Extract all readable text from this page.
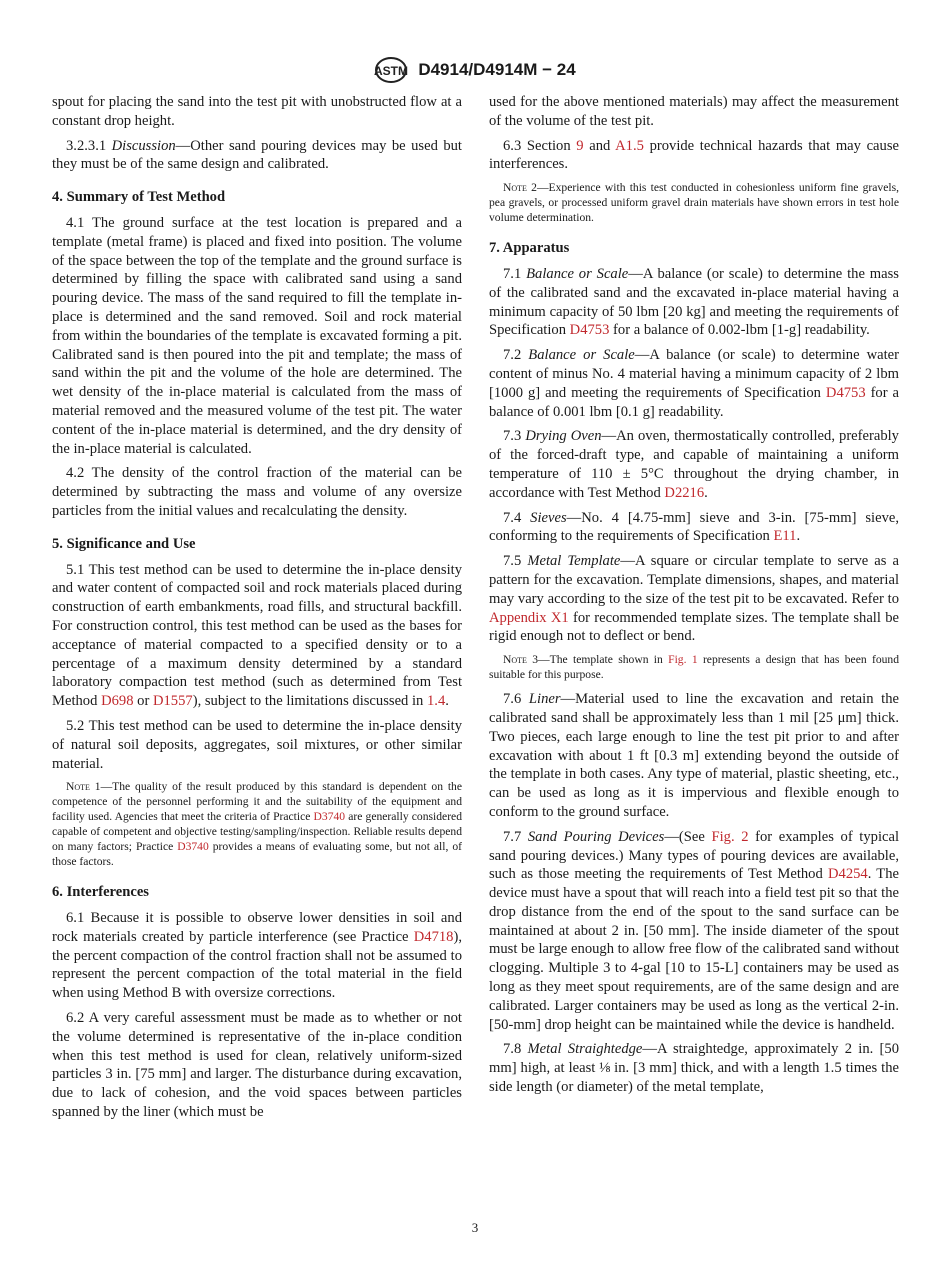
ASTM D4914/D4914M − 24

spout for placing the sand into the test pit with unobstructed flow at a constant drop height.

3.2.3.1 Discussion—Other sand pouring devices may be used but they must be of the same design and calibrated.

4. Summary of Test Method

4.1 The ground surface at the test location is prepared and a template (metal frame) is placed and fixed into position. The volume of the space between the top of the template and the ground surface is determined by filling the space with calibrated sand using a sand pouring device. The mass of the sand required to fill the template in-place is determined and the sand removed. Soil and rock material from within the boundaries of the template is excavated forming a pit. Calibrated sand is then poured into the pit and template; the mass of sand within the pit and the volume of the hole are determined. The wet density of the in-place material is calculated from the mass of material removed and the measured volume of the test pit. The water content of the in-place material is determined, and the dry density of the in-place material is calculated.

4.2 The density of the control fraction of the material can be determined by subtracting the mass and volume of any oversize particles from the initial values and recalculating the density.

5. Significance and Use

5.1 This test method can be used to determine the in-place density and water content of compacted soil and rock materials placed during construction of earth embankments, road fills, and structural backfill. For construction control, this test method can be used as the bases for acceptance of material compacted to a specified density or to a percentage of a maximum density determined by a standard laboratory compaction test method (such as determined from Test Method D698 or D1557), subject to the limitations discussed in 1.4.

5.2 This test method can be used to determine the in-place density of natural soil deposits, aggregates, soil mixtures, or other similar material.

Note 1—The quality of the result produced by this standard is dependent on the competence of the personnel performing it and the suitability of the equipment and facility used. Agencies that meet the criteria of Practice D3740 are generally considered capable of competent and objective testing/sampling/inspection. Reliable results depend on many factors; Practice D3740 provides a means of evaluating some, but not all, of those factors.
6. Interferences

6.1 Because it is possible to observe lower densities in soil and rock materials created by particle interference (see Practice D4718), the percent compaction of the control fraction shall not be assumed to represent the percent compaction of the total material in the field when using Method B with oversize corrections.

6.2 A very careful assessment must be made as to whether or not the volume determined is representative of the in-place condition when this test method is used for clean, relatively uniform-sized particles 3 in. [75 mm] and larger. The disturbance during excavation, due to lack of cohesion, and the void spaces between particles spanned by the liner (which must be

used for the above mentioned materials) may affect the measurement of the volume of the test pit.

6.3 Section 9 and A1.5 provide technical hazards that may cause interferences.

Note 2—Experience with this test conducted in cohesionless uniform fine gravels, pea gravels, or processed uniform gravel drain materials have shown errors in test hole volume determination.
7. Apparatus

7.1 Balance or Scale—A balance (or scale) to determine the mass of the calibrated sand and the excavated in-place material having a minimum capacity of 50 lbm [20 kg] and meeting the requirements of Specification D4753 for a balance of 0.002-lbm [1-g] readability.

7.2 Balance or Scale—A balance (or scale) to determine water content of minus No. 4 material having a minimum capacity of 2 lbm [1000 g] and meeting the requirements of Specification D4753 for a balance of 0.001 lbm [0.1 g] readability.

7.3 Drying Oven—An oven, thermostatically controlled, preferably of the forced-draft type, and capable of maintaining a uniform temperature of 110 ± 5°C throughout the drying chamber, in accordance with Test Method D2216.

7.4 Sieves—No. 4 [4.75-mm] sieve and 3-in. [75-mm] sieve, conforming to the requirements of Specification E11.

7.5 Metal Template—A square or circular template to serve as a pattern for the excavation. Template dimensions, shapes, and material may vary according to the size of the test pit to be excavated. Refer to Appendix X1 for recommended template sizes. The template shall be rigid enough not to deflect or bend.

Note 3—The template shown in Fig. 1 represents a design that has been found suitable for this purpose.

7.6 Liner—Material used to line the excavation and retain the calibrated sand shall be approximately less than 1 mil [25 μm] thick. Two pieces, each large enough to line the test pit prior to and after excavation with about 1 ft [0.3 m] extending beyond the outside of the template in both cases. Any type of material, plastic sheeting, etc., can be used as long as it is impervious and flexible enough to conform to the ground surface.

7.7 Sand Pouring Devices—(See Fig. 2 for examples of typical sand pouring devices.) Many types of pouring devices are available, such as those meeting the requirements of Test Method D4254. The device must have a spout that will reach into a field test pit so that the drop distance from the end of the spout to the sand surface can be maintained at about 2 in. [50 mm]. The inside diameter of the spout must be large enough to allow free flow of the calibrated sand without clogging. Multiple 3 to 4-gal [10 to 15-L] containers may be used as long as they meet spout requirements, are of the same design and are calibrated. Larger containers may be used as long as the vertical 2-in. [50-mm] drop height can be maintained while the device is handheld.

7.8 Metal Straightedge—A straightedge, approximately 2 in. [50 mm] high, at least ⅛ in. [3 mm] thick, and with a length 1.5 times the side length (or diameter) of the metal template,

3
